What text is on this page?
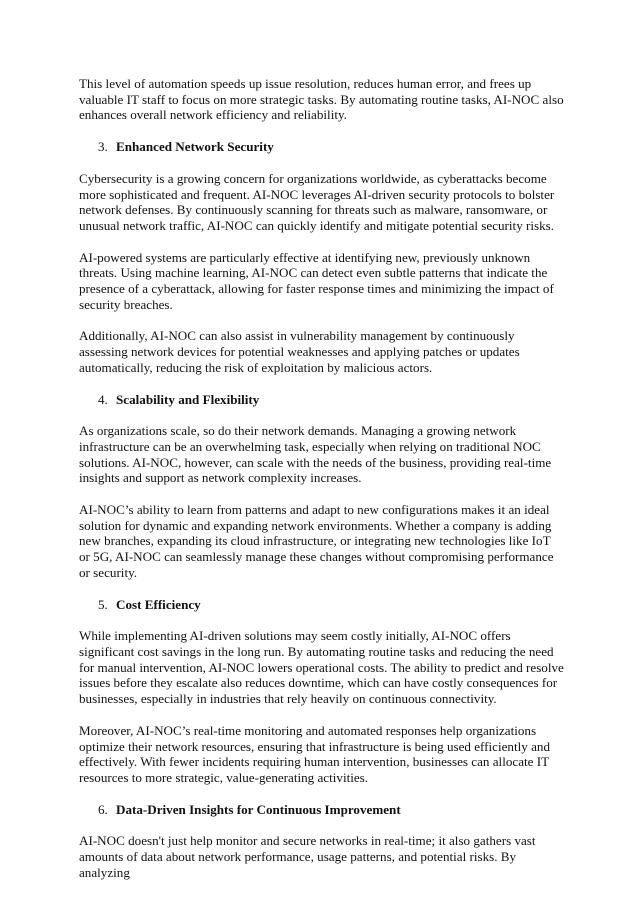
This level of automation speeds up issue resolution, reduces human error, and frees up valuable IT staff to focus on more strategic tasks. By automating routine tasks, AI-NOC also enhances overall network efficiency and reliability.

3. Enhanced Network Security

Cybersecurity is a growing concern for organizations worldwide, as cyberattacks become more sophisticated and frequent. AI-NOC leverages AI-driven security protocols to bolster network defenses. By continuously scanning for threats such as malware, ransomware, or unusual network traffic, AI-NOC can quickly identify and mitigate potential security risks.

AI-powered systems are particularly effective at identifying new, previously unknown threats. Using machine learning, AI-NOC can detect even subtle patterns that indicate the presence of a cyberattack, allowing for faster response times and minimizing the impact of security breaches.

Additionally, AI-NOC can also assist in vulnerability management by continuously assessing network devices for potential weaknesses and applying patches or updates automatically, reducing the risk of exploitation by malicious actors.

4. Scalability and Flexibility

As organizations scale, so do their network demands. Managing a growing network infrastructure can be an overwhelming task, especially when relying on traditional NOC solutions. AI-NOC, however, can scale with the needs of the business, providing real-time insights and support as network complexity increases.

AI-NOC’s ability to learn from patterns and adapt to new configurations makes it an ideal solution for dynamic and expanding network environments. Whether a company is adding new branches, expanding its cloud infrastructure, or integrating new technologies like IoT or 5G, AI-NOC can seamlessly manage these changes without compromising performance or security.

5. Cost Efficiency

While implementing AI-driven solutions may seem costly initially, AI-NOC offers significant cost savings in the long run. By automating routine tasks and reducing the need for manual intervention, AI-NOC lowers operational costs. The ability to predict and resolve issues before they escalate also reduces downtime, which can have costly consequences for businesses, especially in industries that rely heavily on continuous connectivity.

Moreover, AI-NOC’s real-time monitoring and automated responses help organizations optimize their network resources, ensuring that infrastructure is being used efficiently and effectively. With fewer incidents requiring human intervention, businesses can allocate IT resources to more strategic, value-generating activities.

6. Data-Driven Insights for Continuous Improvement

AI-NOC doesn't just help monitor and secure networks in real-time; it also gathers vast amounts of data about network performance, usage patterns, and potential risks. By analyzing
